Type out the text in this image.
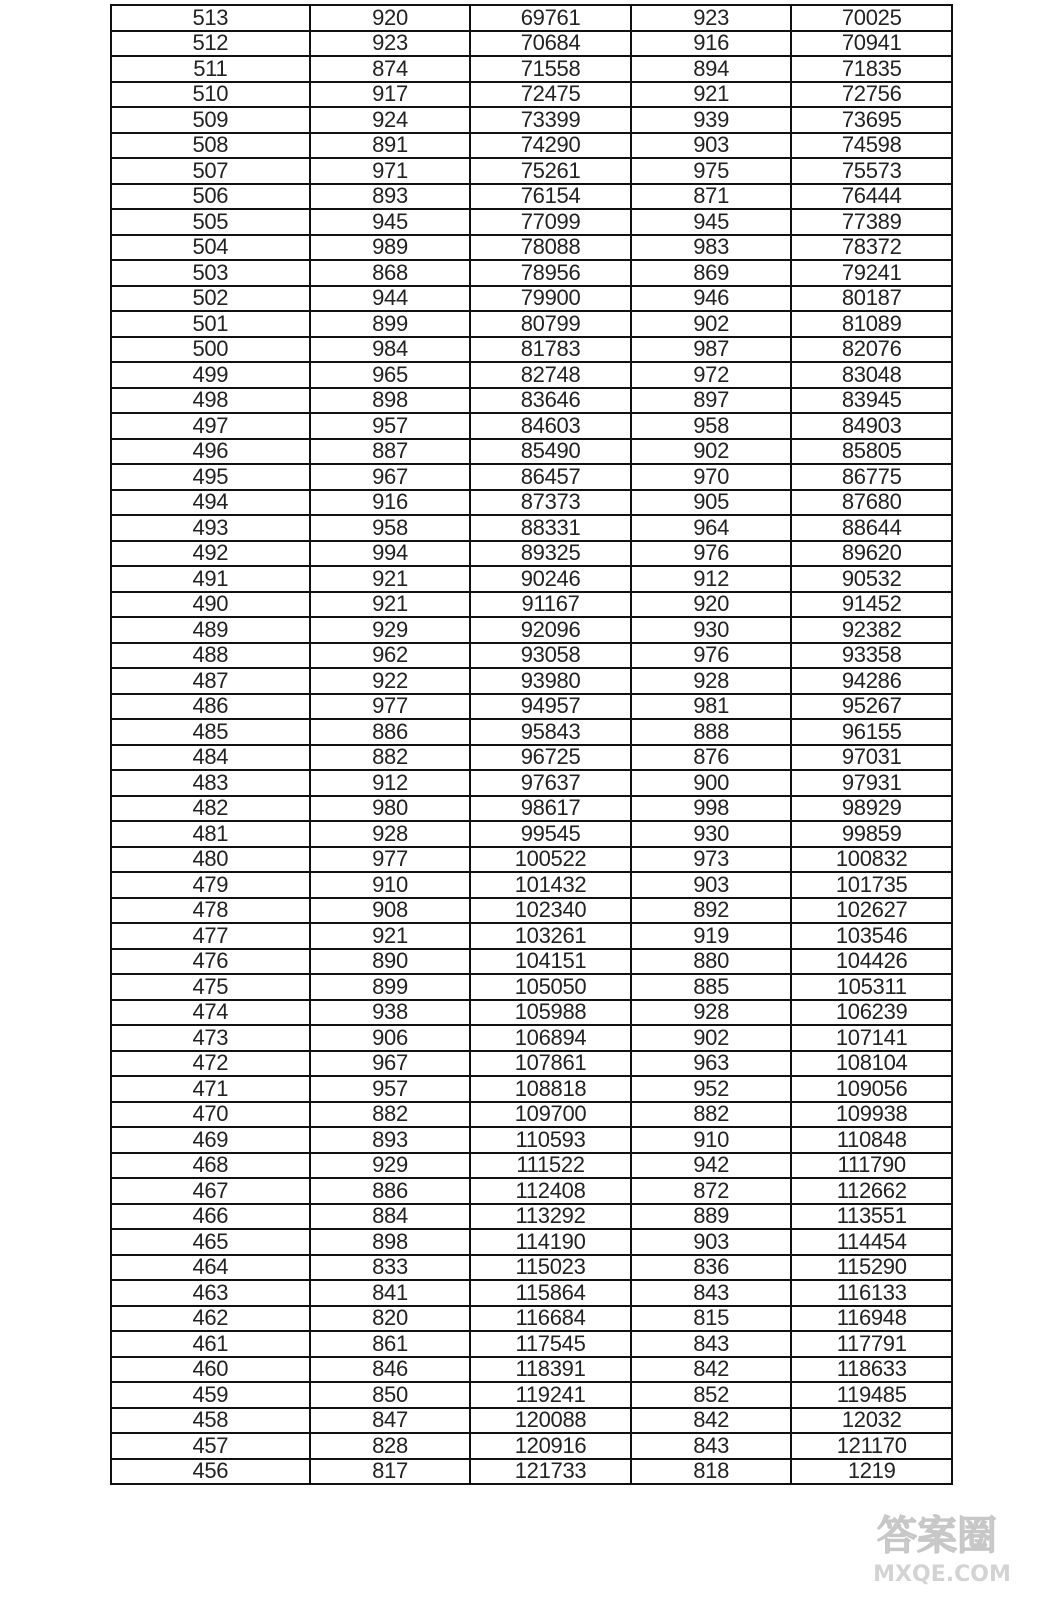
513	920	69761	923	70025
512	923	70684	916	70941
511	874	71558	894	71835
510	917	72475	921	72756
509	924	73399	939	73695
508	891	74290	903	74598
507	971	75261	975	75573
506	893	76154	871	76444
505	945	77099	945	77389
504	989	78088	983	78372
503	868	78956	869	79241
502	944	79900	946	80187
501	899	80799	902	81089
500	984	81783	987	82076
499	965	82748	972	83048
498	898	83646	897	83945
497	957	84603	958	84903
496	887	85490	902	85805
495	967	86457	970	86775
494	916	87373	905	87680
493	958	88331	964	88644
492	994	89325	976	89620
491	921	90246	912	90532
490	921	91167	920	91452
489	929	92096	930	92382
488	962	93058	976	93358
487	922	93980	928	94286
486	977	94957	981	95267
485	886	95843	888	96155
484	882	96725	876	97031
483	912	97637	900	97931
482	980	98617	998	98929
481	928	99545	930	99859
480	977	100522	973	100832
479	910	101432	903	101735
478	908	102340	892	102627
477	921	103261	919	103546
476	890	104151	880	104426
475	899	105050	885	105311
474	938	105988	928	106239
473	906	106894	902	107141
472	967	107861	963	108104
471	957	108818	952	109056
470	882	109700	882	109938
469	893	110593	910	110848
468	929	111522	942	111790
467	886	112408	872	112662
466	884	113292	889	113551
465	898	114190	903	114454
464	833	115023	836	115290
463	841	115864	843	116133
462	820	116684	815	116948
461	861	117545	843	117791
460	846	118391	842	118633
459	850	119241	852	119485
458	847	120088	842	12032
457	828	120916	843	121170
456	817	121733	818	1219
答案圈
MXQE.COM
